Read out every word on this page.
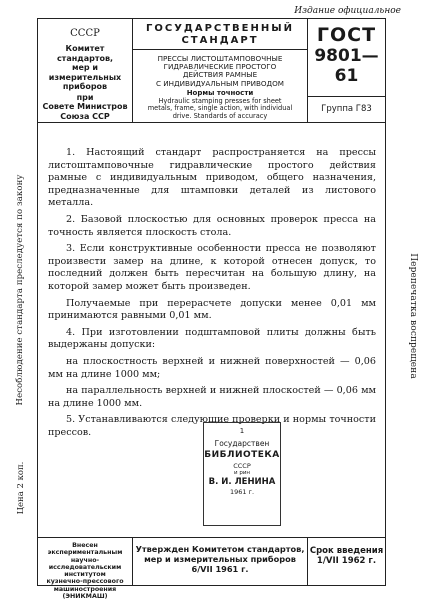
Издание официальное
Несоблюдение стандарта преследуется по закону	Перепечатка воспрещена
Цена 2 коп.
СССР
Комитет стандартов,
мер и измерительных
приборов
при
Совете Министров
Союза ССР
ГОСУДАРСТВЕННЫЙ
СТАНДАРТ
ПРЕССЫ ЛИСТОШТАМПОВОЧНЫЕ
ГИДРАВЛИЧЕСКИЕ ПРОСТОГО
ДЕЙСТВИЯ РАМНЫЕ
С ИНДИВИДУАЛЬНЫМ ПРИВОДОМ
Нормы точности
Hydraulic stamping presses for sheet
metals, frame, single action, with individual
drive. Standards of accuracy
ГОСТ
9801—61
Группа Г83

1. Настоящий стандарт распространяется на прессы листоштамповочные гидравлические простого действия рамные с индивидуальным приводом, общего назначения, предназначенные для штамповки деталей из листового металла.

2. Базовой плоскостью для основных проверок пресса на точность является плоскость стола.

3. Если конструктивные особенности пресса не позволяют произвести замер на длине, к которой отнесен допуск, то последний должен быть пересчитан на большую длину, на которой замер может быть произведен.

Получаемые при перерасчете допуски менее 0,01 мм принимаются равными 0,01 мм.

4. При изготовлении подштамповой плиты должны быть выдержаны допуски:

на плоскостность верхней и нижней поверхностей — 0,06 мм на длине 1000 мм;

на параллельность верхней и нижней плоскостей — 0,06 мм на длине 1000 мм.

5. Устанавливаются следующие проверки и нормы точности прессов.	1
Государствен
БИБЛИОТЕКА
СССР
и рин
В. И. ЛЕНИНА
1961 г.
Внесен экспериментальным
научно-исследовательским
институтом
кузнечно-прессового
машиностроения
(ЭНИКМАШ)
Утвержден Комитетом стандартов,
мер и измерительных приборов
6/VII 1961 г.
Срок введения
1/VII 1962 г.
